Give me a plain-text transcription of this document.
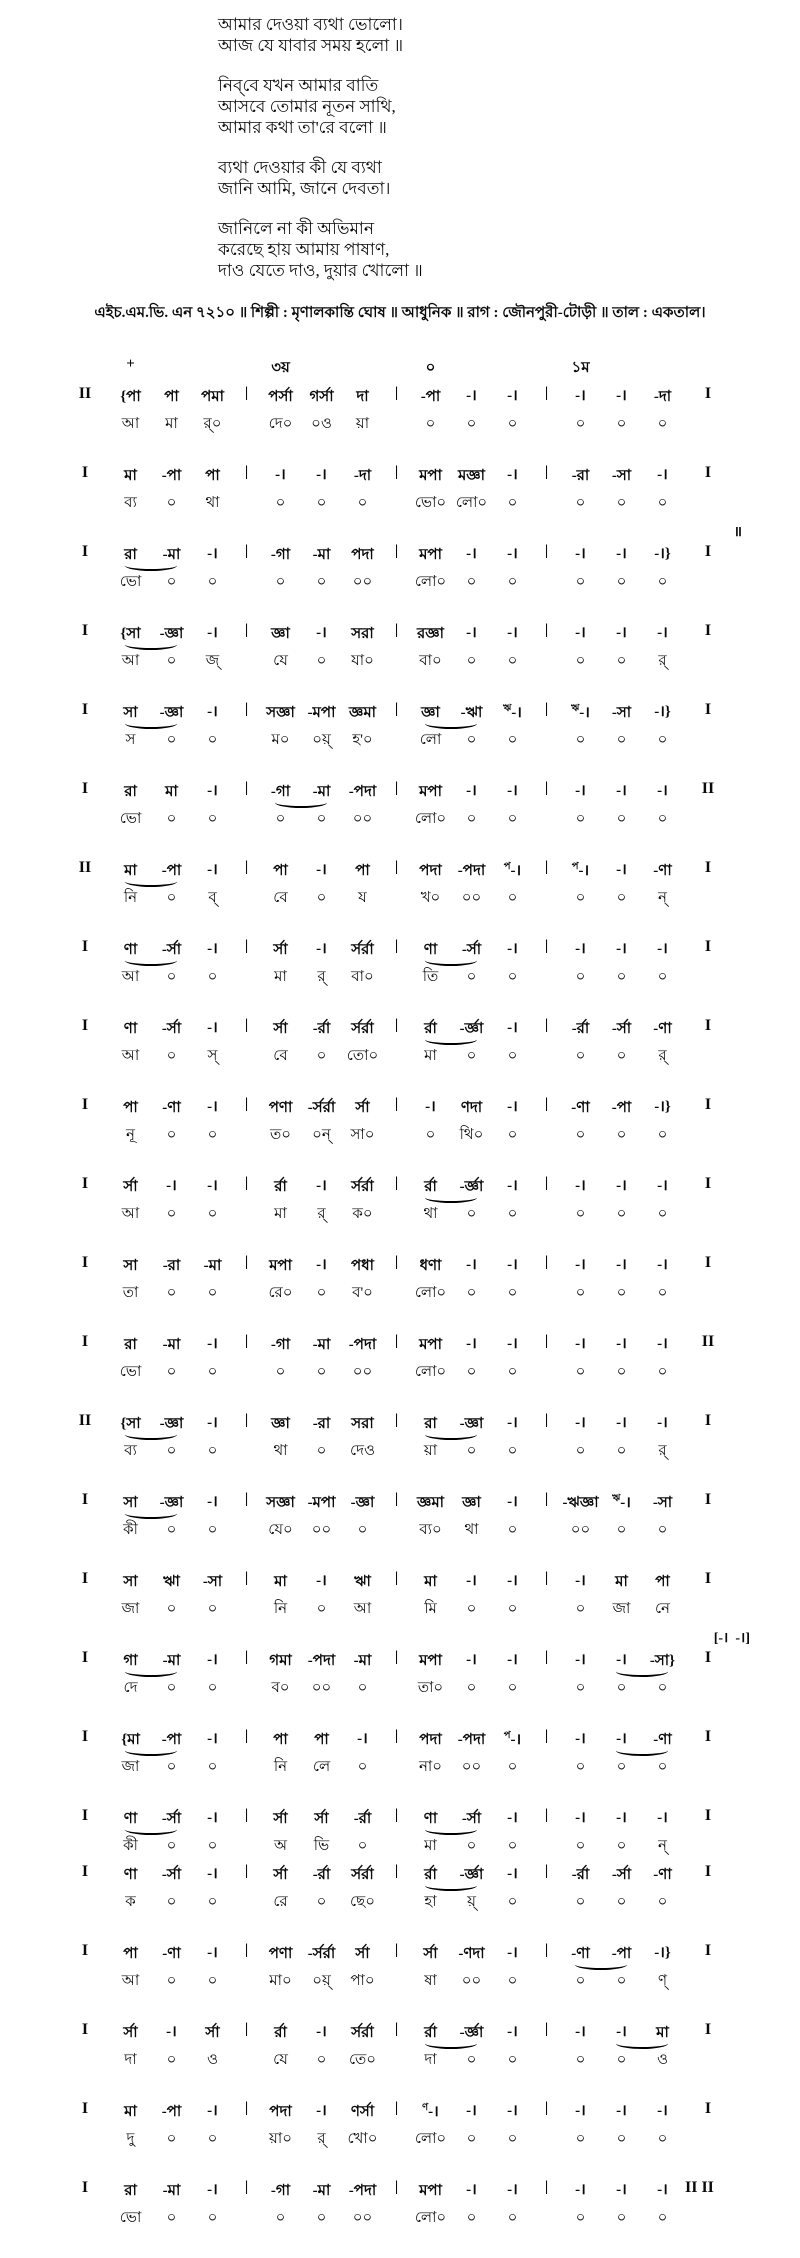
আমার দেওয়া ব্যথা ভোলো।
আজ যে যাবার সময় হলো ॥
নিব্‌বে যখন আমার বাতি
আসবে তোমার নূতন সাথি,
আমার কথা তা'রে বলো ॥
ব্যথা দেওয়ার কী যে ব্যথা
জানি আমি, জানে দেবতা।
জানিলে না কী অভিমান
করেছে হায় আমায় পাষাণ,
দাও যেতে দাও, দুয়ার খোলো ॥
এইচ.এম.ভি. এন ৭২১০ ॥ শিল্পী : মৃণালকান্তি ঘোষ ॥ আধুনিক ॥ রাগ : জৌনপুরী-টোড়ী ॥ তাল : একতাল।
+	৩য়	০	১ম
II	{পা	পা	পমা	|	পর্সা	গর্সা	দা	|	-পা	-।	-।	|	-।	-।	-দা	I
আ	মা	র্০	দে০	০ও	য়া	০	০	০	০	০	০
I	মা	-পা	পা	|	-।	-।	-দা	|	মপা	মজ্ঞা	-।	|	-রা	-সা	-।	I
ব্য	০	থা	০	০	০	ভো০ লো০	০	০	০	০
॥
I	রা	-মা	-।	|	-গা	-মা	পদা	|	মপা	-।	-।	|	-।	-।	-।}	I
ভো	০	০	০	০	০০	লো০	০	০	০	০	০
I	{সা	-জ্ঞা	-।	|	জ্ঞা	-।	সরা	|	রজ্ঞা	-।	-।	|	-।	-।	-।	I
আ	০	জ্	যে	০	যা০	বা০	০	০	০	০	র্
I	সা	-জ্ঞা	-।	|	সজ্ঞা -মপা জ্ঞমা	|	জ্ঞা	-ঋা	$^ঋ$-।	|	$^ঋ$-।	-সা	-।}	I
স	০	০	ম০	০য়্	হ'০	লো	০	০	০	০	০
I	রা	মা	-।	|	-গা	-মা	-পদা	|	মপা	-।	-।	|	-।	-।	-।	II
ভো	০	০	০	০	০০	লো০	০	০	০	০	০
II	মা	-পা	-।	|	পা	-।	পা	|	পদা	-পদা	$^প$-।	|	$^প$-।	-।	-ণা	I
নি	০	ব্	বে	০	য	খ০	০০	০	০	০	ন্
I	ণা	-র্সা	-।	|	র্সা	-।	র্সর্রা	|	ণা	-র্সা	-।	|	-।	-।	-।	I
আ	০	০	মা	র্	বা০	তি	০	০	০	০	০
I	ণা	-র্সা	-।	|	র্সা	-র্রা	র্সর্রা	|	র্রা	-র্জ্ঞা	-।	|	-র্রা	-র্সা	-ণা	I
আ	০	স্	বে	০	তো০	মা	০	০	০	০	র্
I	পা	-ণা	-।	|	পণা	-র্সর্রা	র্সা	|	-।	ণদা	-।	|	-ণা	-পা	-।}	I
নূ	০	০	ত০	০ন্	সা০	০	থি০	০	০	০	০
I	র্সা	-।	-।	|	র্রা	-।	র্সর্রা	|	র্রা	-র্জ্ঞা	-।	|	-।	-।	-।	I
আ	০	০	মা	র্	ক০	থা	০	০	০	০	০
I	সা	-রা	-মা	|	মপা	-।	পধা	|	ধণা	-।	-।	|	-।	-।	-।	I
তা	০	০	রে০	০	ব'০	লো০	০	০	০	০	০
I	রা	-মা	-।	|	-গা	-মা	-পদা	|	মপা	-।	-।	|	-।	-।	-।	II
ভো	০	০	০	০	০০	লো০	০	০	০	০	০
II	{সা	-জ্ঞা	-।	|	জ্ঞা	-রা	সরা	|	রা	-জ্ঞা	-।	|	-।	-।	-।	I
ব্য	০	০	থা	০	দেও	য়া	০	০	০	০	র্
I	সা	-জ্ঞা	-।	|	সজ্ঞা -মপা	-জ্ঞা	|	জ্ঞমা	জ্ঞা	-।	| -ঋজ্ঞা	$^ঋ$-।	-সা	I
কী	০	০	যে০	০০	০	ব্য০	থা	০	০০	০	০
I	সা	ঋা	-সা	|	মা	-।	ঋা	|	মা	-।	-।	|	-।	মা	পা	I
জা	০	০	নি	০	আ	মি	০	০	০	জা	নে
[-।  -।]
I	গা	-মা	-।	|	গমা	-পদা	-মা	|	মপা	-।	-।	|	-।	-।	-সা}	I
দে	০	০	ব০	০০	০	তা০	০	০	০	০	০
I	{মা	-পা	-।	|	পা	পা	-।	|	পদা	-পদা	$^প$-।	|	-।	-।	-ণা	I
জা	০	০	নি	লে	০	না০	০০	০	০	০	০
I	ণা	-র্সা	-।	|	র্সা	র্সা	-র্রা	|	ণা	-র্সা	-।	|	-।	-।	-।	I
কী	০	০	অ	ভি	০	মা	০	০	০	০	ন্
I	ণা	-র্সা	-।	|	র্সা	-র্রা	র্সর্রা	|	র্রা	-র্জ্ঞা	-।	|	-র্রা	-র্সা	-ণা	I
ক	০	০	রে	০	ছে০	হা	য়্	০	০	০	০
I	পা	-ণা	-।	|	পণা	-র্সর্রা	র্সা	|	র্সা	-ণদা	-।	|	-ণা	-পা	-।}	I
আ	০	০	মা০	০য়্	পা০	ষা	০০	০	০	০	ণ্
I	র্সা	-।	র্সা	|	র্রা	-।	র্সর্রা	|	র্রা	-র্জ্ঞা	-।	|	-।	-।	মা	I
দা	০	ও	যে	০	তে০	দা	০	০	০	০	ও
I	মা	-পা	-।	|	পদা	-।	ণর্সা	|	$^ণ$-।	-।	-।	|	-।	-।	-।	I
দু	০	০	য়া০	র্	খো০	লো০	০	০	০	০	০
I	রা	-মা	-।	|	-গা	-মা	-পদা	|	মপা	-।	-।	|	-।	-।	-।	II II
ভো	০	০	০	০	০০	লো০	০	০	০	০	০
